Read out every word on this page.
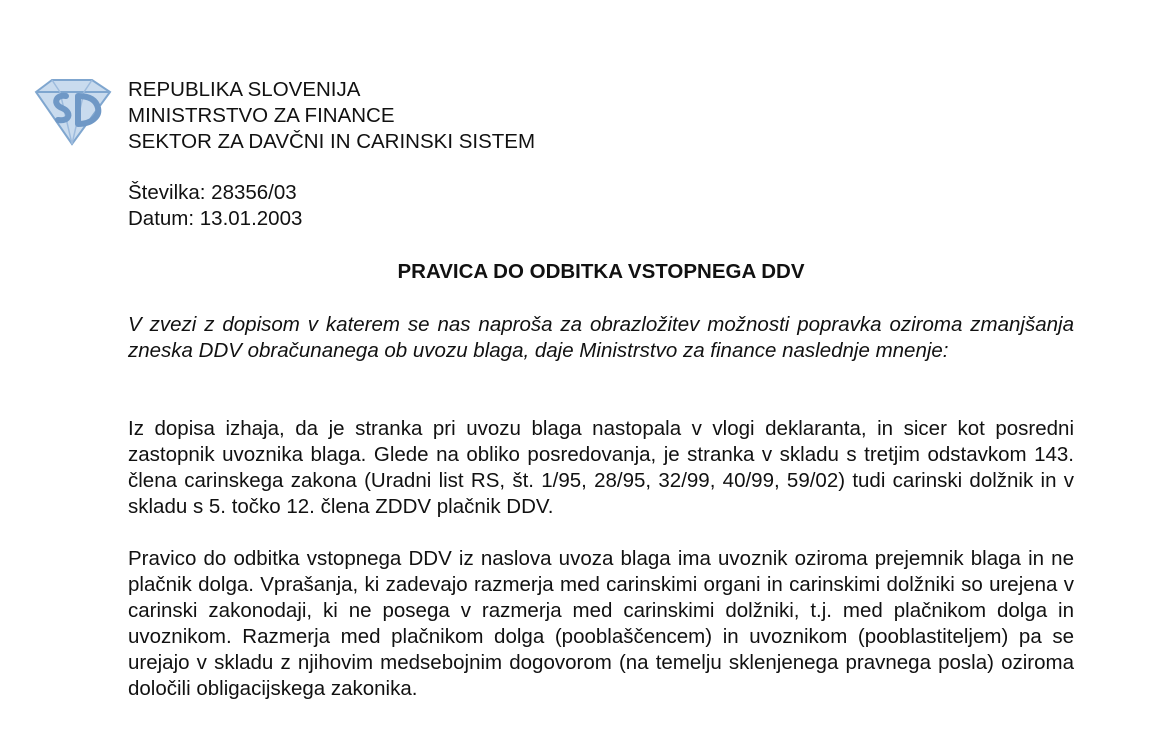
REPUBLIKA SLOVENIJA
MINISTRSTVO ZA FINANCE
SEKTOR ZA DAVČNI IN CARINSKI SISTEM
Številka: 28356/03
Datum: 13.01.2003
PRAVICA DO ODBITKA VSTOPNEGA DDV

V zvezi z dopisom v katerem se nas naproša za obrazložitev možnosti popravka oziroma zmanjšanja zneska DDV obračunanega ob uvozu blaga, daje Ministrstvo za finance naslednje mnenje:

Iz dopisa izhaja, da je stranka pri uvozu blaga nastopala v vlogi deklaranta, in sicer kot posredni zastopnik uvoznika blaga. Glede na obliko posredovanja, je stranka v skladu s tretjim odstavkom 143. člena carinskega zakona (Uradni list RS, št. 1/95, 28/95, 32/99, 40/99, 59/02) tudi carinski dolžnik in v skladu s 5. točko 12. člena ZDDV plačnik DDV.

Pravico do odbitka vstopnega DDV iz naslova uvoza blaga ima uvoznik oziroma prejemnik blaga in ne plačnik dolga. Vprašanja, ki zadevajo razmerja med carinskimi organi in carinskimi dolžniki so urejena v carinski zakonodaji, ki ne posega v razmerja med carinskimi dolžniki, t.j. med plačnikom dolga in uvoznikom. Razmerja med plačnikom dolga (pooblaščencem) in uvoznikom (pooblastiteljem) pa se urejajo v skladu z njihovim medsebojnim dogovorom (na temelju sklenjenega pravnega posla) oziroma določili obligacijskega zakonika.
